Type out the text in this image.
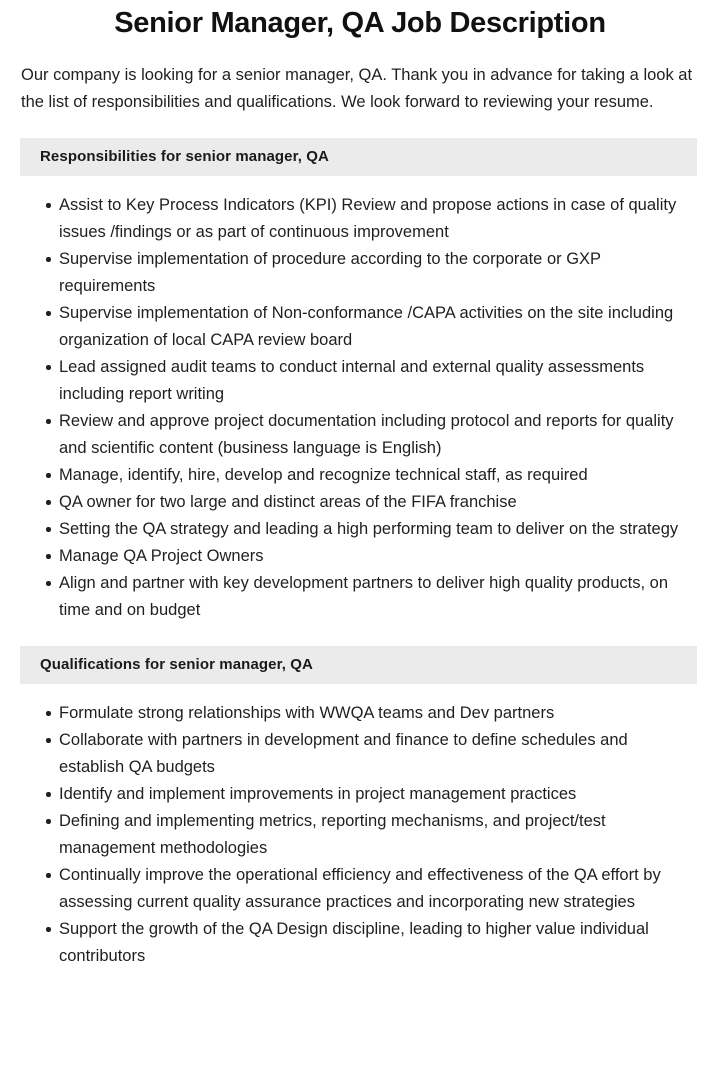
Senior Manager, QA Job Description

Our company is looking for a senior manager, QA. Thank you in advance for taking a look at the list of responsibilities and qualifications. We look forward to reviewing your resume.

Responsibilities for senior manager, QA
Assist to Key Process Indicators (KPI) Review and propose actions in case of quality issues /findings or as part of continuous improvement
Supervise implementation of procedure according to the corporate or GXP requirements
Supervise implementation of Non-conformance /CAPA activities on the site including organization of local CAPA review board
Lead assigned audit teams to conduct internal and external quality assessments including report writing
Review and approve project documentation including protocol and reports for quality and scientific content (business language is English)
Manage, identify, hire, develop and recognize technical staff, as required
QA owner for two large and distinct areas of the FIFA franchise
Setting the QA strategy and leading a high performing team to deliver on the strategy
Manage QA Project Owners
Align and partner with key development partners to deliver high quality products, on time and on budget
Qualifications for senior manager, QA
Formulate strong relationships with WWQA teams and Dev partners
Collaborate with partners in development and finance to define schedules and establish QA budgets
Identify and implement improvements in project management practices
Defining and implementing metrics, reporting mechanisms, and project/test management methodologies
Continually improve the operational efficiency and effectiveness of the QA effort by assessing current quality assurance practices and incorporating new strategies
Support the growth of the QA Design discipline, leading to higher value individual contributors
